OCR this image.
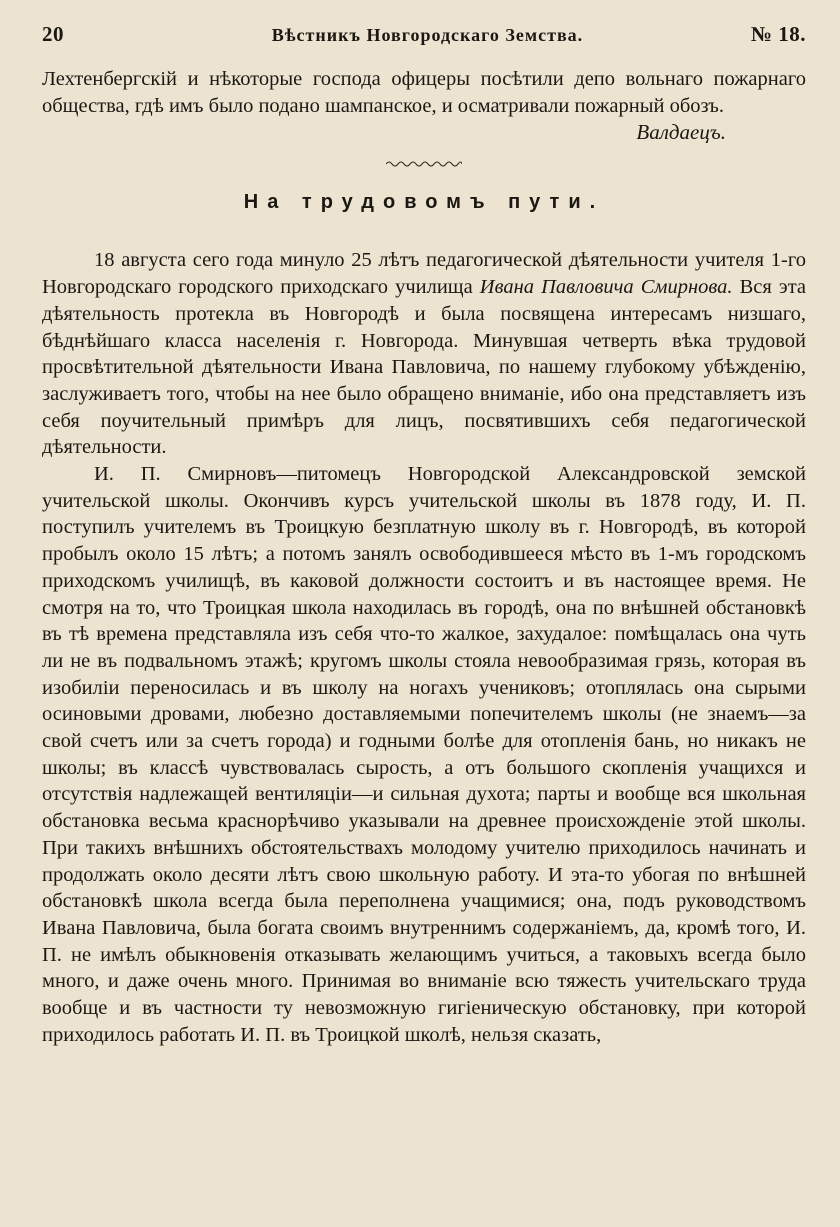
20	Вѣстникъ Новгородскаго Земства.	№ 18.

Лехтенбергскій и нѣкоторые господа офицеры посѣтили депо вольнаго пожарнаго общества, гдѣ имъ было подано шампанское, и осматривали пожарный обозъ.

Валдаецъ.
На трудовомъ пути.

18 августа сего года минуло 25 лѣтъ педагогической дѣятельности учителя 1-го Новгородскаго городского приходскаго училища Ивана Павловича Смирнова. Вся эта дѣятельность протекла въ Новгородѣ и была посвящена интересамъ низшаго, бѣднѣйшаго класса населенія г. Новгорода. Минувшая четверть вѣка трудовой просвѣтительной дѣятельности Ивана Павловича, по нашему глубокому убѣжденію, заслуживаетъ того, чтобы на нее было обращено вниманіе, ибо она представляетъ изъ себя поучительный примѣръ для лицъ, посвятившихъ себя педагогической дѣятельности.

И. П. Смирновъ—питомецъ Новгородской Александровской земской учительской школы. Окончивъ курсъ учительской школы въ 1878 году, И. П. поступилъ учителемъ въ Троицкую безплатную школу въ г. Новгородѣ, въ которой пробылъ около 15 лѣтъ; а потомъ занялъ освободившееся мѣсто въ 1-мъ городскомъ приходскомъ училищѣ, въ каковой должности состоитъ и въ настоящее время. Не смотря на то, что Троицкая школа находилась въ городѣ, она по внѣшней обстановкѣ въ тѣ времена представляла изъ себя что-то жалкое, захудалое: помѣщалась она чуть ли не въ подвальномъ этажѣ; кругомъ школы стояла невообразимая грязь, которая въ изобиліи переносилась и въ школу на ногахъ учениковъ; отоплялась она сырыми осиновыми дровами, любезно доставляемыми попечителемъ школы (не знаемъ—за свой счетъ или за счетъ города) и годными болѣе для отопленія бань, но никакъ не школы; въ классѣ чувствовалась сырость, а отъ большого скопленія учащихся и отсутствія надлежащей вентиляціи—и сильная духота; парты и вообще вся школьная обстановка весьма краснорѣчиво указывали на древнее происхожденіе этой школы. При такихъ внѣшнихъ обстоятельствахъ молодому учителю приходилось начинать и продолжать около десяти лѣтъ свою школьную работу. И эта-то убогая по внѣшней обстановкѣ школа всегда была переполнена учащимися; она, подъ руководствомъ Ивана Павловича, была богата своимъ внутреннимъ содержаніемъ, да, кромѣ того, И. П. не имѣлъ обыкновенія отказывать желающимъ учиться, а таковыхъ всегда было много, и даже очень много. Принимая во вниманіе всю тяжесть учительскаго труда вообще и въ частности ту невозможную гигіеническую обстановку, при которой приходилось работать И. П. въ Троицкой школѣ, нельзя сказать,
